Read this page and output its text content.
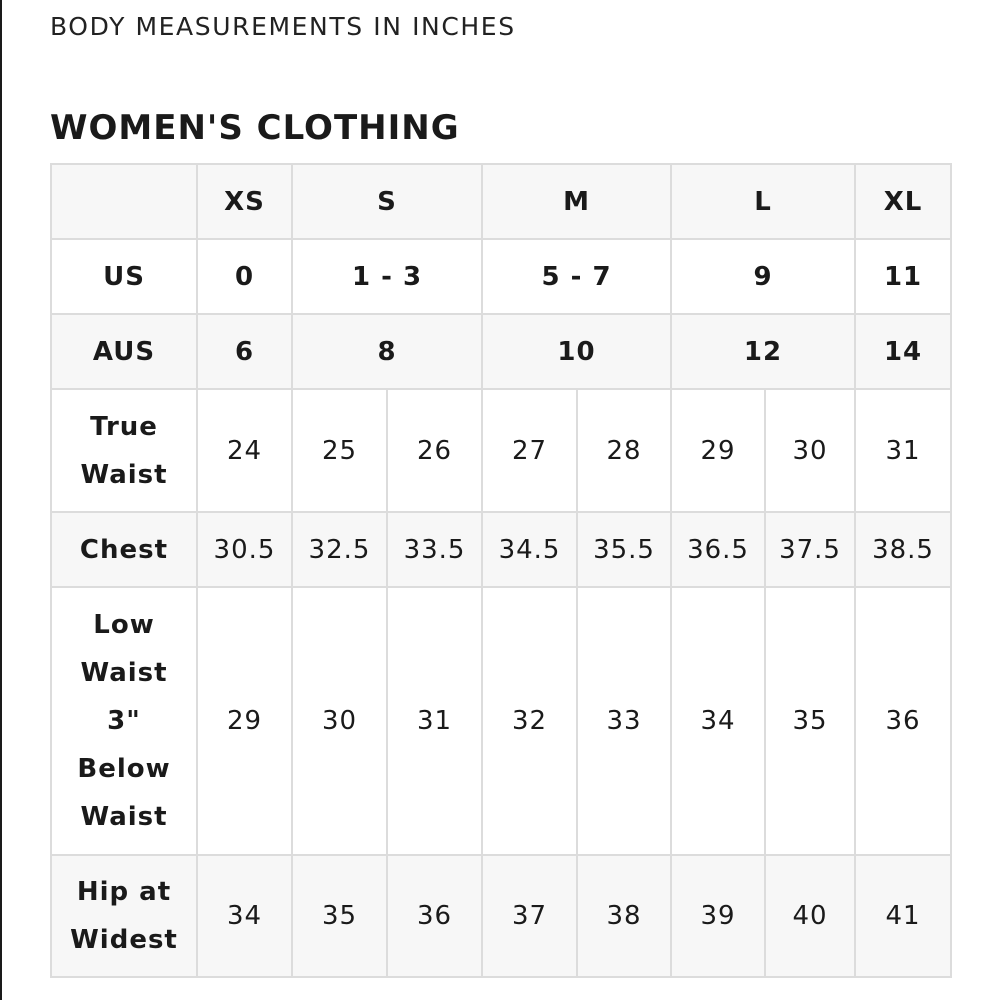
BODY MEASUREMENTS IN INCHES
WOMEN'S CLOTHING
	XS	S		M		L		XL
US	0	1 - 3		5 - 7		9		11
AUS	6	8		10		12		14

True
Waist	24	25	26	27	28	29	30	31
Chest	30.5	32.5	33.5	34.5	35.5	36.5	37.5	38.5

Low
Waist
3"
Below
Waist	29	30	31	32	33	34	35	36

Hip at
Widest	34	35	36	37	38	39	40	41
